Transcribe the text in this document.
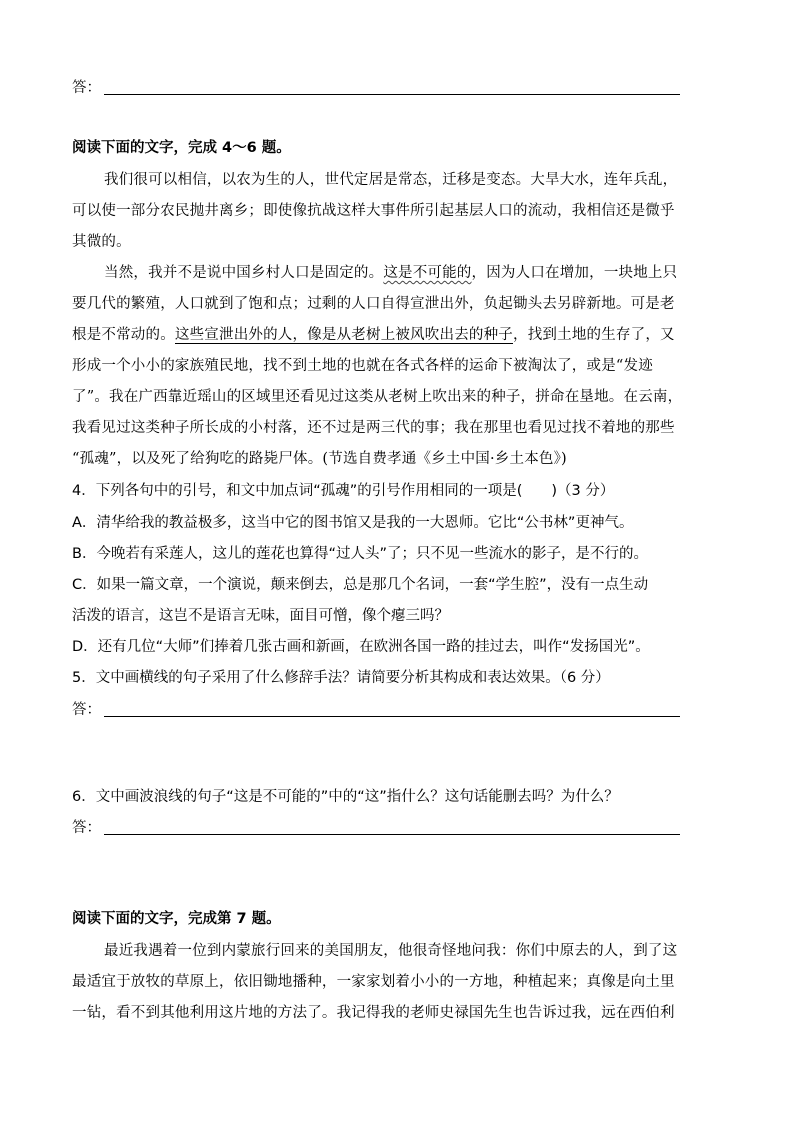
答：
阅读下面的文字，完成 4～6 题。
我们很可以相信，以农为生的人，世代定居是常态，迁移是变态。大旱大水，连年兵乱，
可以使一部分农民抛井离乡；即使像抗战这样大事件所引起基层人口的流动，我相信还是微乎
其微的。
当然，我并不是说中国乡村人口是固定的。这是不可能的，因为人口在增加，一块地上只
要几代的繁殖，人口就到了饱和点；过剩的人口自得宣泄出外，负起锄头去另辟新地。可是老
根是不常动的。这些宣泄出外的人，像是从老树上被风吹出去的种子，找到土地的生存了，又
形成一个小小的家族殖民地，找不到土地的也就在各式各样的运命下被淘汰了，或是“发迹
了”。我在广西靠近瑶山的区域里还看见过这类从老树上吹出来的种子，拼命在垦地。在云南，
我看见过这类种子所长成的小村落，还不过是两三代的事；我在那里也看见过找不着地的那些
“孤魂”，以及死了给狗吃的路毙尸体。(节选自费孝通《乡土中国·乡土本色》)
4．下列各句中的引号，和文中加点词“孤魂”的引号作用相同的一项是(　　)（3 分）
A．清华给我的教益极多，这当中它的图书馆又是我的一大恩师。它比“公书林”更神气。
B．今晚若有采莲人，这儿的莲花也算得“过人头”了；只不见一些流水的影子，是不行的。
C．如果一篇文章，一个演说，颠来倒去，总是那几个名词，一套“学生腔”，没有一点生动
活泼的语言，这岂不是语言无味，面目可憎，像个瘪三吗？
D．还有几位“大师”们捧着几张古画和新画，在欧洲各国一路的挂过去，叫作“发扬国光”。
5．文中画横线的句子采用了什么修辞手法？请简要分析其构成和表达效果。（6 分）
答：
6．文中画波浪线的句子“这是不可能的”中的“这”指什么？这句话能删去吗？为什么？
答：
阅读下面的文字，完成第 7 题。
最近我遇着一位到内蒙旅行回来的美国朋友，他很奇怪地问我：你们中原去的人，到了这
最适宜于放牧的草原上，依旧锄地播种，一家家划着小小的一方地，种植起来；真像是向土里
一钻，看不到其他利用这片地的方法了。我记得我的老师史禄国先生也告诉过我，远在西伯利
